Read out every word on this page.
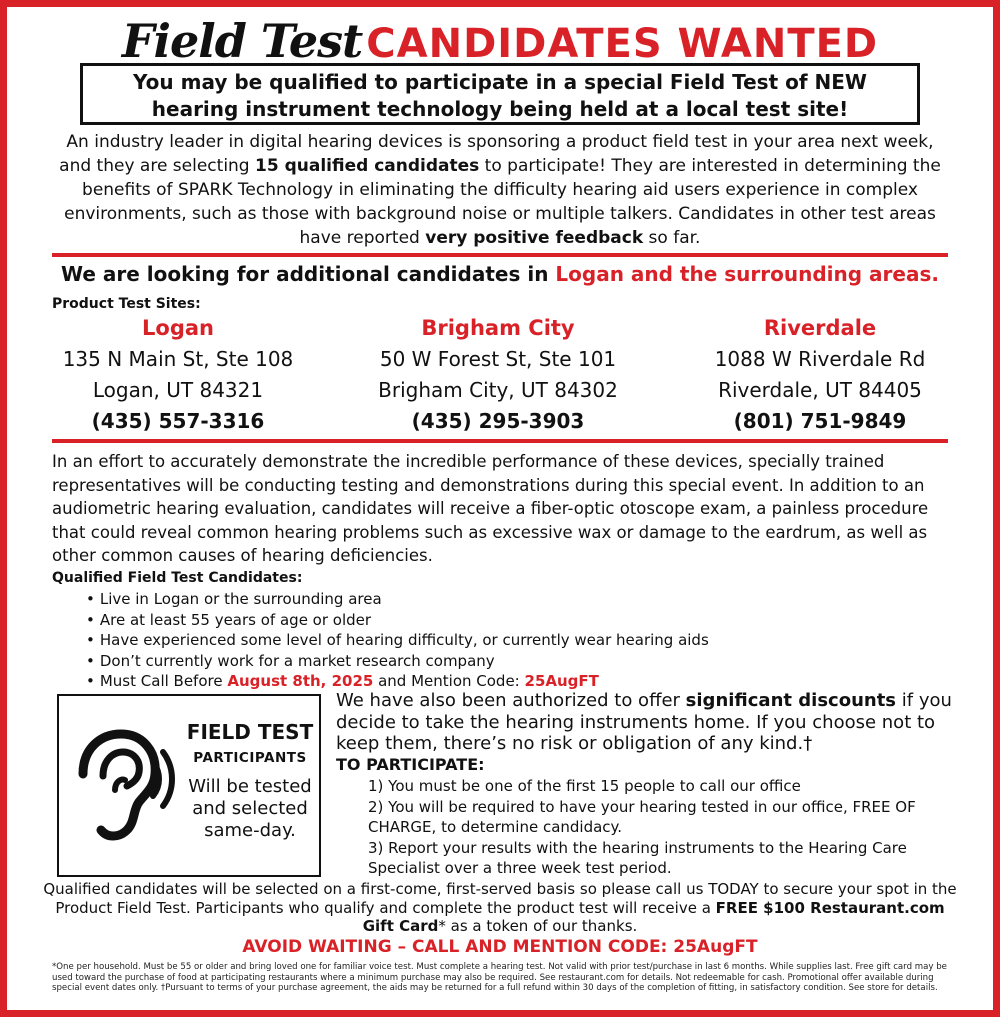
Field Test CANDIDATES WANTED
You may be qualified to participate in a special Field Test of NEW
hearing instrument technology being held at a local test site!
An industry leader in digital hearing devices is sponsoring a product field test in your area next week, and they are selecting 15 qualified candidates to participate! They are interested in determining the benefits of SPARK Technology in eliminating the difficulty hearing aid users experience in complex environments, such as those with background noise or multiple talkers. Candidates in other test areas have reported very positive feedback so far.
We are looking for additional candidates in Logan and the surrounding areas.
Product Test Sites:
Logan
135 N Main St, Ste 108
Logan, UT 84321
(435) 557-3316
Brigham City
50 W Forest St, Ste 101
Brigham City, UT 84302
(435) 295-3903
Riverdale
1088 W Riverdale Rd
Riverdale, UT 84405
(801) 751-9849
In an effort to accurately demonstrate the incredible performance of these devices, specially trained representatives will be conducting testing and demonstrations during this special event. In addition to an audiometric hearing evaluation, candidates will receive a fiber-optic otoscope exam, a painless procedure that could reveal common hearing problems such as excessive wax or damage to the eardrum, as well as other common causes of hearing deficiencies.
Qualified Field Test Candidates:
• Live in Logan or the surrounding area
• Are at least 55 years of age or older
• Have experienced some level of hearing difficulty, or currently wear hearing aids
• Don’t currently work for a market research company
• Must Call Before August 8th, 2025 and Mention Code: 25AugFT
FIELD TEST
PARTICIPANTS
Will be tested and selected same-day.
We have also been authorized to offer significant discounts if you decide to take the hearing instruments home. If you choose not to keep them, there’s no risk or obligation of any kind.†
TO PARTICIPATE:
1) You must be one of the first 15 people to call our office
2) You will be required to have your hearing tested in our office, FREE OF CHARGE, to determine candidacy.
3) Report your results with the hearing instruments to the Hearing Care Specialist over a three week test period.
Qualified candidates will be selected on a first-come, first-served basis so please call us TODAY to secure your spot in the Product Field Test. Participants who qualify and complete the product test will receive a FREE $100 Restaurant.com Gift Card* as a token of our thanks.
AVOID WAITING – CALL AND MENTION CODE: 25AugFT
*One per household. Must be 55 or older and bring loved one for familiar voice test. Must complete a hearing test. Not valid with prior test/purchase in last 6 months. While supplies last. Free gift card may be used toward the purchase of food at participating restaurants where a minimum purchase may also be required. See restaurant.com for details. Not redeemable for cash. Promotional offer available during special event dates only. †Pursuant to terms of your purchase agreement, the aids may be returned for a full refund within 30 days of the completion of fitting, in satisfactory condition. See store for details.
